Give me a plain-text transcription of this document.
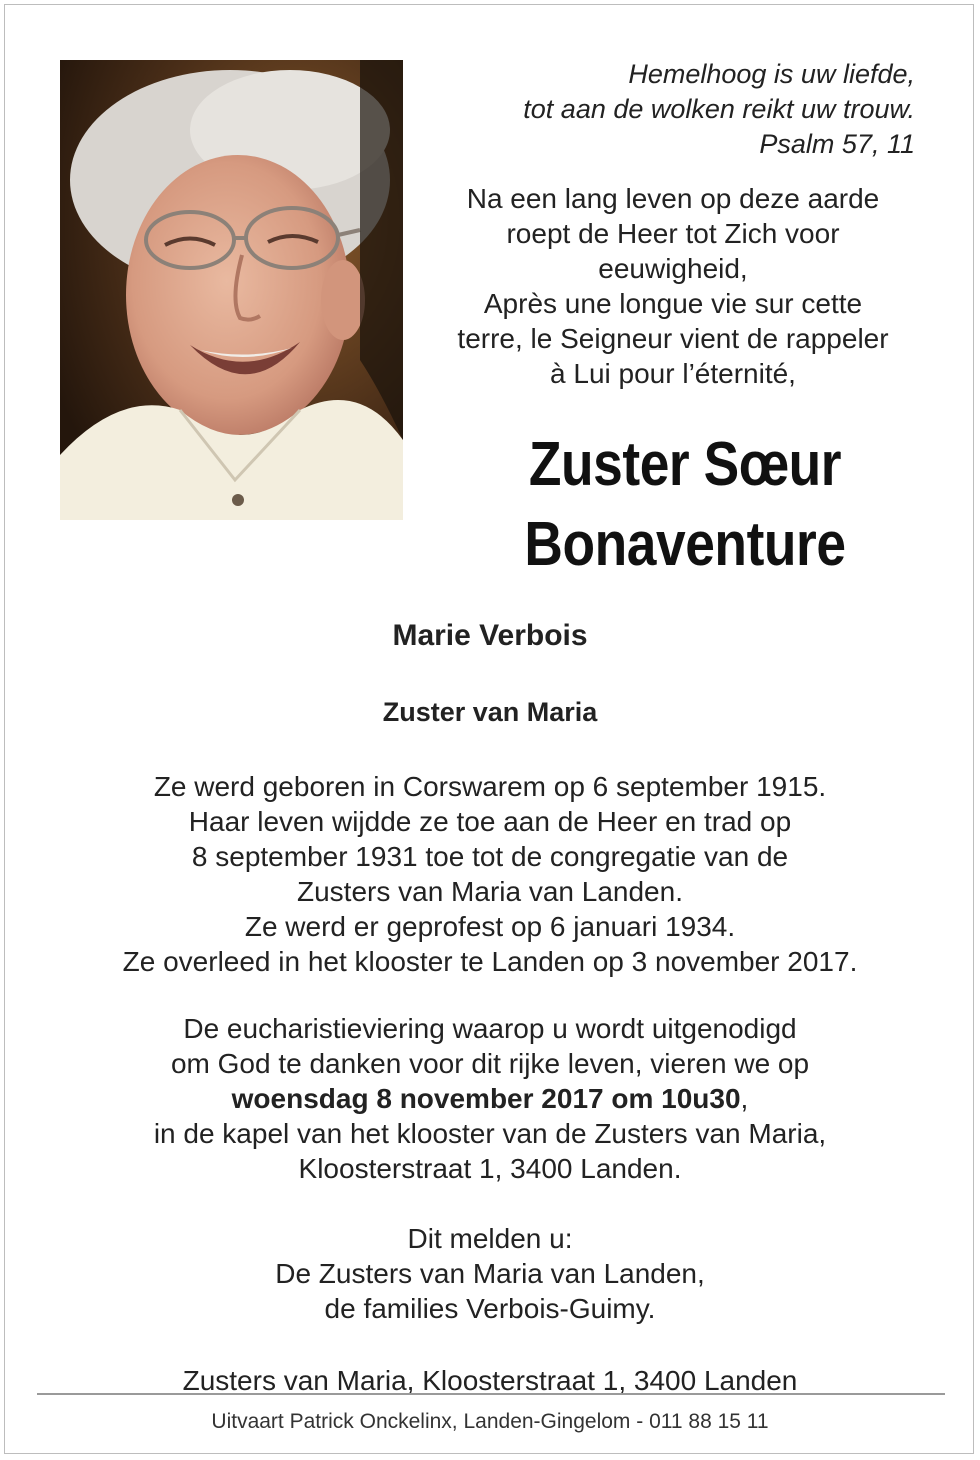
Hemelhoog is uw liefde,
tot aan de wolken reikt uw trouw.
Psalm 57, 11
Na een lang leven op deze aarde
roept de Heer tot Zich voor
eeuwigheid,
Après une longue vie sur cette
terre, le Seigneur vient de rappeler
à Lui pour l’éternité,
Zuster Sœur
Bonaventure
Marie Verbois
Zuster van Maria
Ze werd geboren in Corswarem op 6 september 1915.
Haar leven wijdde ze toe aan de Heer en trad op
8 september 1931 toe tot de congregatie van de
Zusters van Maria van Landen.
Ze werd er geprofest op 6 januari 1934.
Ze overleed in het klooster te Landen op 3 november 2017.
De eucharistieviering waarop u wordt uitgenodigd
om God te danken voor dit rijke leven, vieren we op
woensdag 8 november 2017 om 10u30,
in de kapel van het klooster van de Zusters van Maria,
Kloosterstraat 1, 3400 Landen.
Dit melden u:
De Zusters van Maria van Landen,
de families Verbois-Guimy.
Zusters van Maria, Kloosterstraat 1, 3400 Landen
Uitvaart Patrick Onckelinx, Landen-Gingelom - 011 88 15 11
